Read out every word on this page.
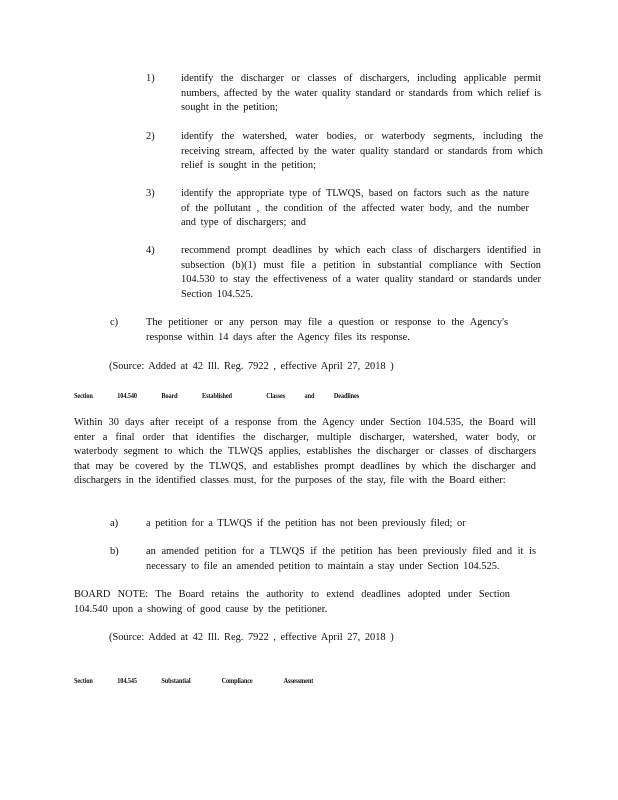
1)	identify the discharger or classes of dischargers, including applicable permit numbers, affected by the water quality standard or standards from which relief is sought in the petition;
2)	identify the watershed, water bodies, or waterbody segments, including the receiving stream, affected by the water quality standard or standards from which relief is sought in the petition;
3)	identify the appropriate type of TLWQS, based on factors such as the nature of the pollutant , the condition of the affected water body, and the number and type of dischargers; and
4)	recommend prompt deadlines by which each class of dischargers identified in subsection (b)(1) must file a petition in substantial compliance with Section 104.530 to stay the effectiveness of a water quality standard or standards under Section 104.525.
c)	The petitioner or any person may file a question or response to the Agency's response within 14 days after the Agency files its response.
(Source: Added at 42 Ill. Reg. 7922 , effective April 27, 2018 )
Section	104.540	Board	Established	Classes	and	Deadlines
Within 30 days after receipt of a response from the Agency under Section 104.535, the Board will enter a final order that identifies the discharger, multiple discharger, watershed, water body, or waterbody segment to which the TLWQS applies, establishes the discharger or classes of dischargers that may be covered by the TLWQS, and establishes prompt deadlines by which the discharger and dischargers in the identified classes must, for the purposes of the stay, file with the Board either:
a)	a petition for a TLWQS if the petition has not been previously filed; or
b)	an amended petition for a TLWQS if the petition has been previously filed and it is necessary to file an amended petition to maintain a stay under Section 104.525.
BOARD NOTE: The Board retains the authority to extend deadlines adopted under Section 104.540 upon a showing of good cause by the petitioner.
(Source: Added at 42 Ill. Reg. 7922 , effective April 27, 2018 )
Section	104.545	Substantial	Compliance	Assessment
